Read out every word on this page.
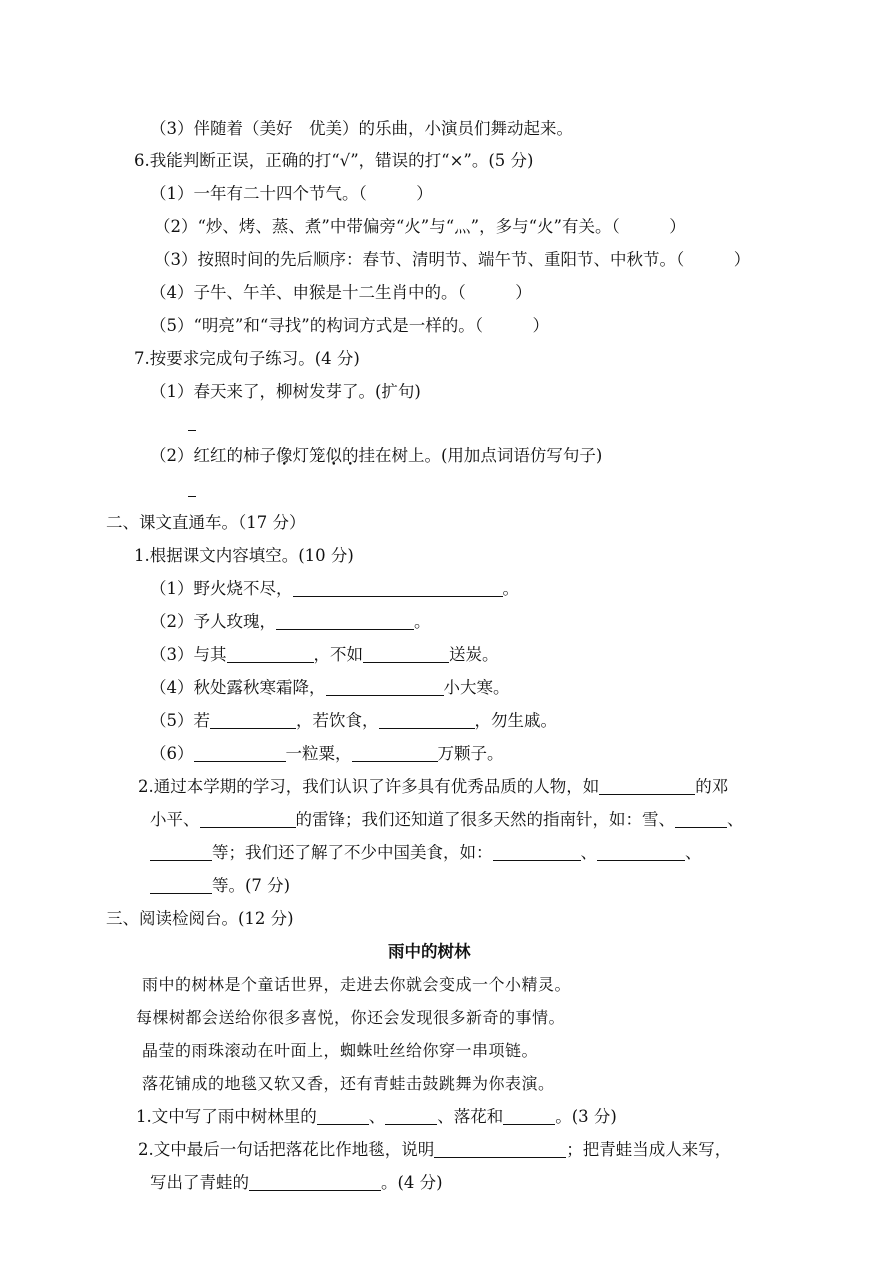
（3）伴随着（美好　优美）的乐曲，小演员们舞动起来。
6.我能判断正误，正确的打“√”，错误的打“×”。(5 分)
（1）一年有二十四个节气。（　　　）
（2）“炒、烤、蒸、煮”中带偏旁“火”与“灬”，多与“火”有关。（　　　）
（3）按照时间的先后顺序：春节、清明节、端午节、重阳节、中秋节。（　　　）
（4）子牛、午羊、申猴是十二生肖中的。（　　　）
（5）“明亮”和“寻找”的构词方式是一样的。（　　　）
7.按要求完成句子练习。(4 分)
（1）春天来了，柳树发芽了。(扩句)
（2）红红的柿子像灯笼似的挂在树上。(用加点词语仿写句子)
二、课文直通车。（17 分）
1.根据课文内容填空。(10 分)
（1）野火烧不尽，	。
（2）予人玫瑰，	。
（3）与其	，不如	送炭。
（4）秋处露秋寒霜降，	小大寒。
（5）若	，若饮食，	，勿生戚。
（6）	一粒粟，	万颗子。
2.通过本学期的学习，我们认识了许多具有优秀品质的人物，如	的邓
小平、	的雷锋；我们还知道了很多天然的指南针，如：雪、	、
等；我们还了解了不少中国美食，如：	、	、
等。(7 分)
三、阅读检阅台。(12 分)
雨中的树林
雨中的树林是个童话世界，走进去你就会变成一个小精灵。
每棵树都会送给你很多喜悦，你还会发现很多新奇的事情。
晶莹的雨珠滚动在叶面上，蜘蛛吐丝给你穿一串项链。
落花铺成的地毯又软又香，还有青蛙击鼓跳舞为你表演。
1.文中写了雨中树林里的	、	、落花和	。(3 分)
2.文中最后一句话把落花比作地毯，说明	；把青蛙当成人来写，
写出了青蛙的	。(4 分)
